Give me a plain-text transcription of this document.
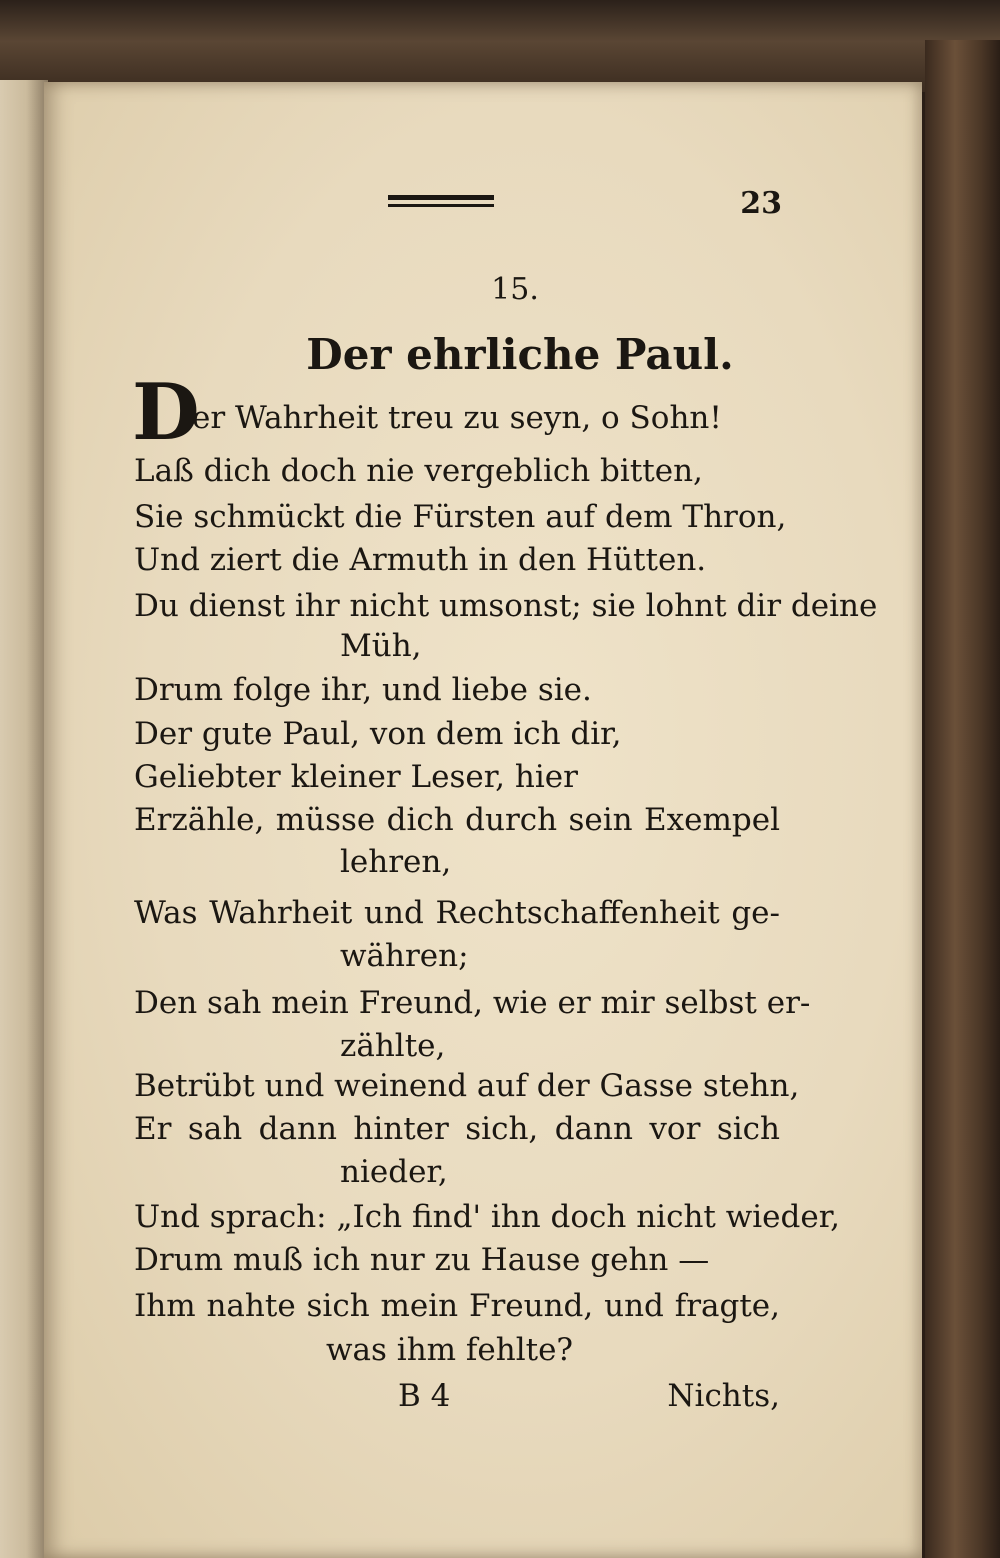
23
15.
Der ehrliche Paul.
D
er Wahrheit treu zu seyn, o Sohn!
Laß dich doch nie vergeblich bitten,
Sie schmückt die Fürsten auf dem Thron,
Und ziert die Armuth in den Hütten.
Du dienst ihr nicht umsonst; sie lohnt dir deine
Müh,
Drum folge ihr, und liebe sie.
Der gute Paul, von dem ich dir,
Geliebter kleiner Leser, hier
Erzähle, müsse dich durch sein Exempel
lehren,
Was Wahrheit und Rechtschaffenheit ge-
währen;
Den sah mein Freund, wie er mir selbst er-
zählte,
Betrübt und weinend auf der Gasse stehn,
Er sah dann hinter sich, dann vor sich
nieder,
Und sprach: „Ich find' ihn doch nicht wieder,
Drum muß ich nur zu Hause gehn —
Ihm nahte sich mein Freund, und fragte,
was ihm fehlte?
B 4	Nichts,
